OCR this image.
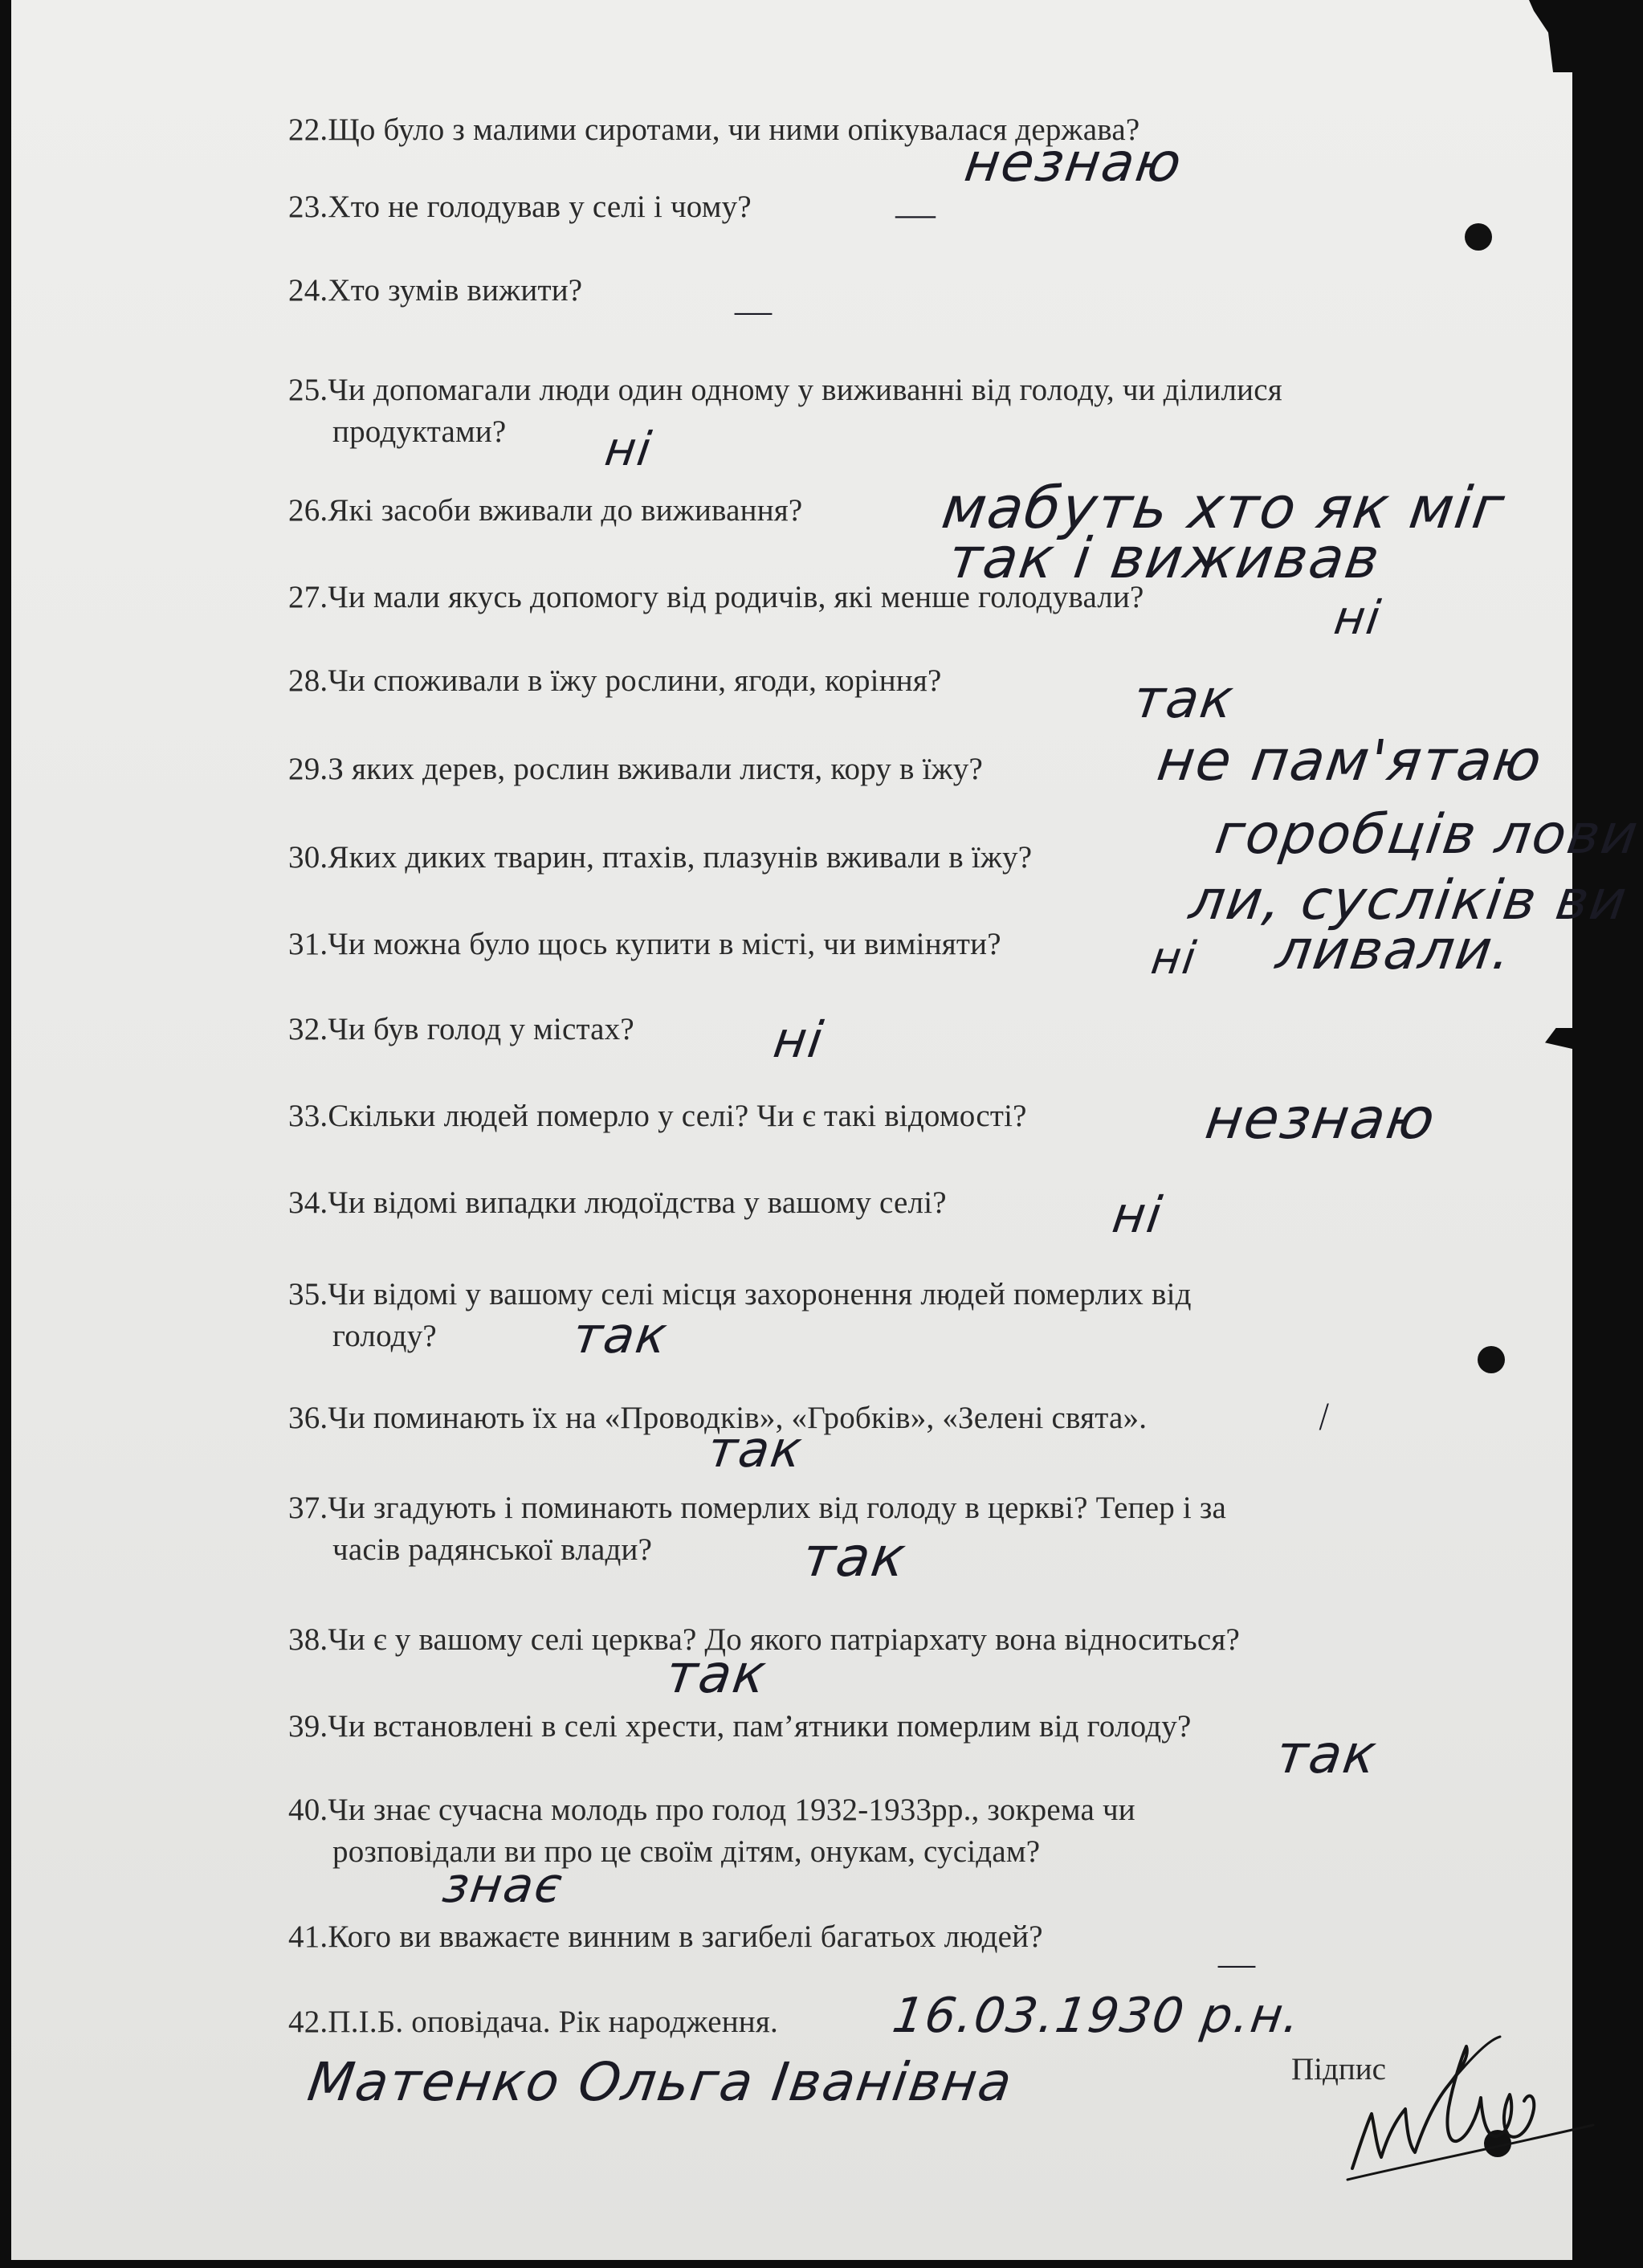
22.Що було з малими сиротами, чи ними опікувалася держава?
23.Хто не голодував у селі і чому?
24.Хто зумів вижити?
25.Чи допомагали люди один одному у виживанні від голоду, чи ділилися
продуктами?
26.Які засоби вживали до виживання?
27.Чи мали якусь допомогу від родичів, які менше голодували?
28.Чи споживали в їжу рослини, ягоди, коріння?
29.З яких дерев, рослин вживали листя, кору в їжу?
30.Яких диких тварин, птахів, плазунів вживали в їжу?
31.Чи можна було щось купити в місті, чи виміняти?
32.Чи був голод у містах?
33.Скільки людей померло у селі? Чи є такі відомості?
34.Чи відомі випадки людоїдства у вашому селі?
35.Чи відомі у вашому селі місця захоронення людей померлих від
голоду?
36.Чи поминають їх на «Проводків», «Гробків», «Зелені свята».
37.Чи згадують і поминають померлих від голоду в церкві? Тепер і за
часів радянської влади?
38.Чи є у вашому селі церква? До якого патріархату вона відноситься?
39.Чи встановлені в селі хрести, пам’ятники померлим від голоду?
40.Чи знає сучасна молодь про голод 1932-1933рр., зокрема чи
розповідали ви про це своїм дітям, онукам, сусідам?
41.Кого ви вважаєте винним в загибелі багатьох людей?
42.П.І.Б. оповідача. Рік народження.
незнаю
—
—
ні
мабуть хто як міг
так і виживав
ні
так
не пам'ятаю
горобців лови
ли, сусліків ви
ливали.
ні
ні
незнаю
ні
так
/
так
так
так
так
знає
—
16.03.1930 р.н.
Матенко Ольга Іванівна	Підпис
